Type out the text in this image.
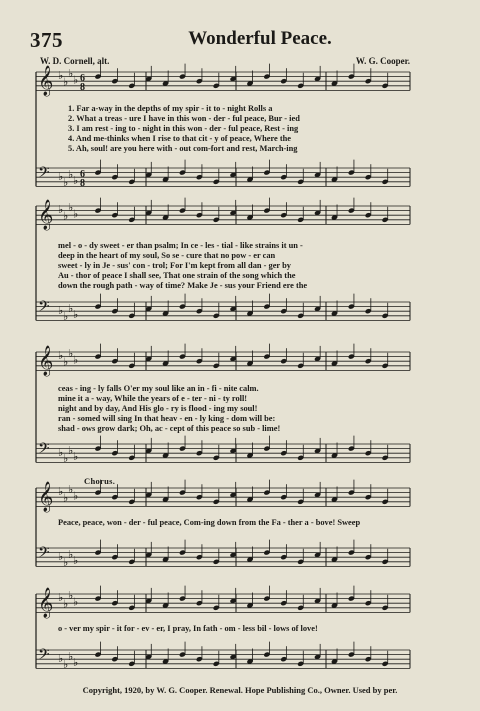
375	Wonderful Peace.
W. D. Cornell, alt.	W. G. Cooper.
𝄞 ♭ ♭
♭ ♭ 6
8
𝄢 ♭ ♭
♭ ♭ 6
8
𝄞 ♭ ♭
♭ ♭
𝄢 ♭ ♭
♭ ♭
𝄞 ♭ ♭
♭ ♭
𝄢 ♭ ♭
♭ ♭
𝄞 ♭ ♭
♭ ♭
𝄢 ♭ ♭
♭ ♭
𝄞 ♭ ♭
♭ ♭
𝄢 ♭ ♭
♭ ♭
1. Far a-way in the depths of my spir - it to - night Rolls a
2. What a treas - ure I have in this won - der - ful peace, Bur - ied
3. I am rest - ing to - night in this won - der - ful peace, Rest - ing
4. And me-thinks when I rise to that cit - y of peace, Where the
5. Ah, soul! are you here with - out com-fort and rest, March-ing
mel - o - dy sweet - er than psalm; In ce - les - tial - like strains it un -
deep in the heart of my soul, So se - cure that no pow - er can
sweet - ly in Je - sus' con - trol; For I'm kept from all dan - ger by
Au - thor of peace I shall see, That one strain of the song which the
down the rough path - way of time? Make Je - sus your Friend ere the
ceas - ing - ly falls O'er my soul like an in - fi - nite calm.
mine it a - way, While the years of e - ter - ni - ty roll!
night and by day, And His glo - ry is flood - ing my soul!
ran - somed will sing In that heav - en - ly king - dom will be:
shad - ows grow dark; Oh, ac - cept of this peace so sub - lime!
Chorus.
Peace, peace, won - der - ful peace, Com-ing down from the Fa - ther a - bove! Sweep
o - ver my spir - it for - ev - er, I pray, In fath - om - less bil - lows of love!
Copyright, 1920, by W. G. Cooper. Renewal. Hope Publishing Co., Owner. Used by per.
